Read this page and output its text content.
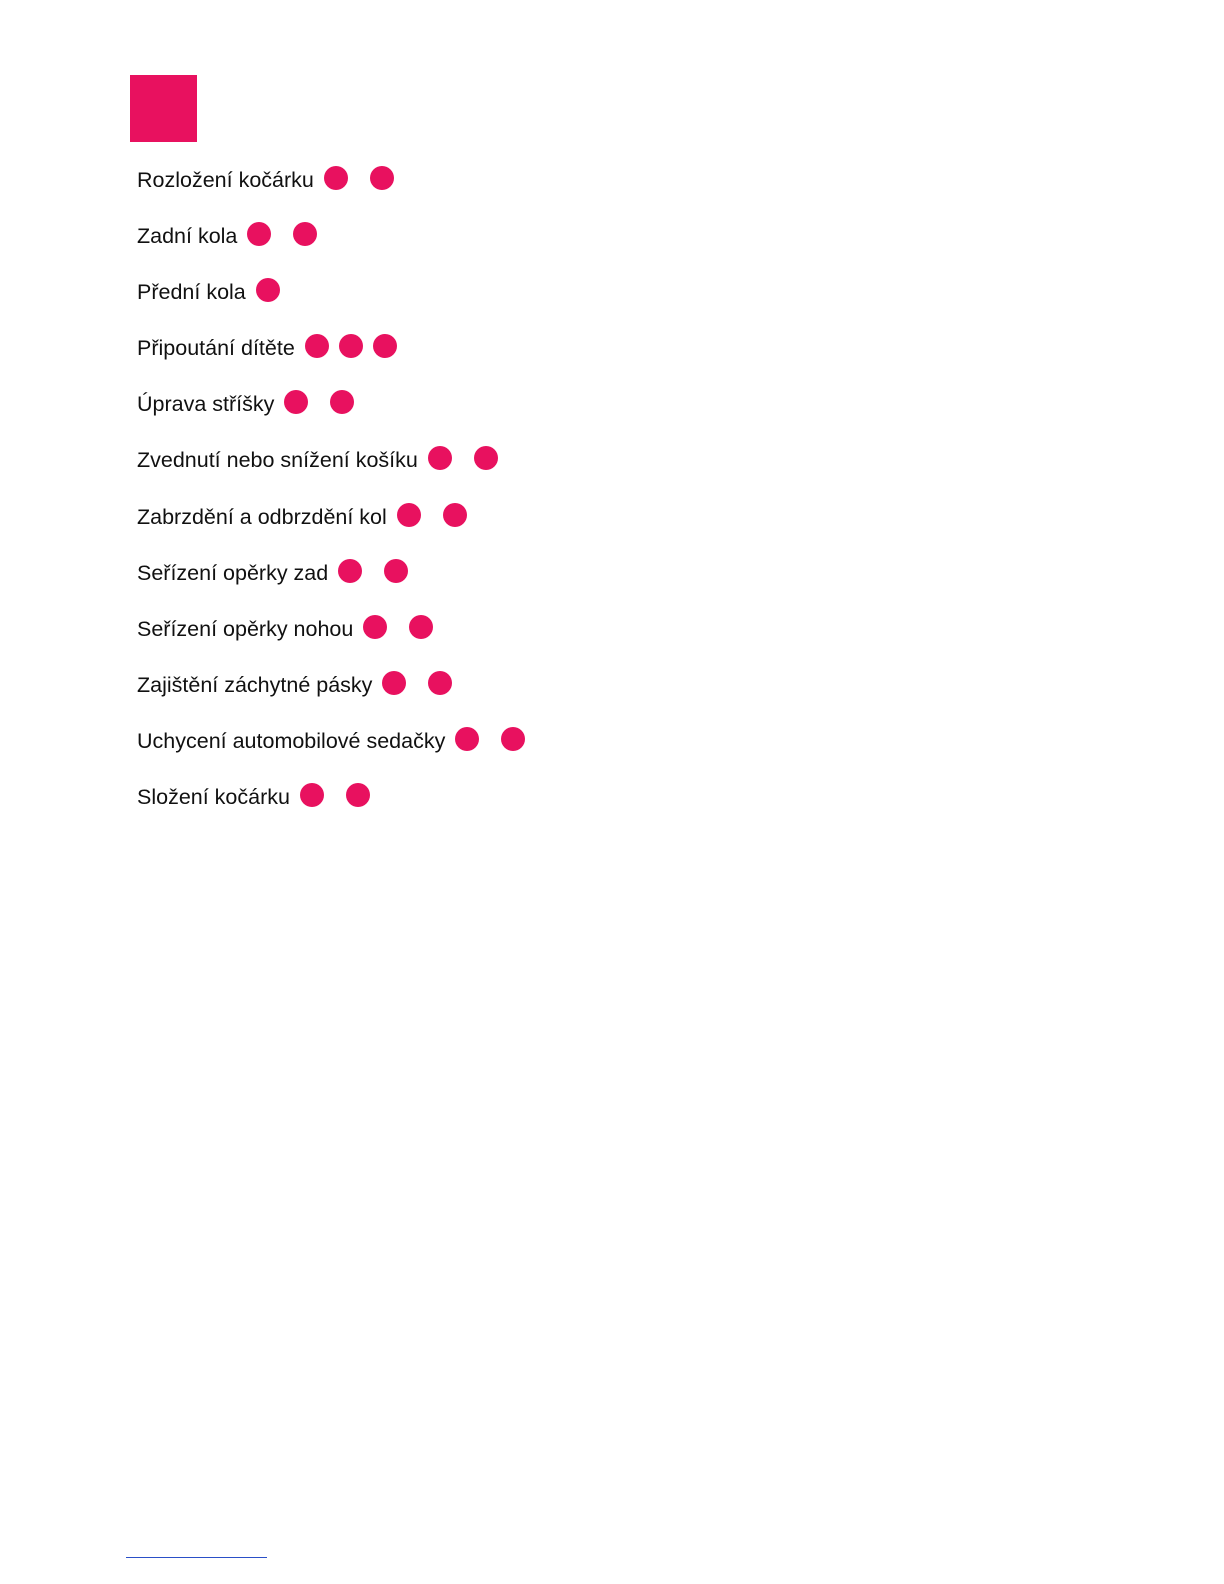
Rozložení kočárku
Zadní kola
Přední kola
Připoutání dítěte
Úprava stříšky
Zvednutí nebo snížení košíku
Zabrzdění a odbrzdění kol
Seřízení opěrky zad
Seřízení opěrky nohou
Zajištění záchytné pásky
Uchycení automobilové sedačky
Složení kočárku
